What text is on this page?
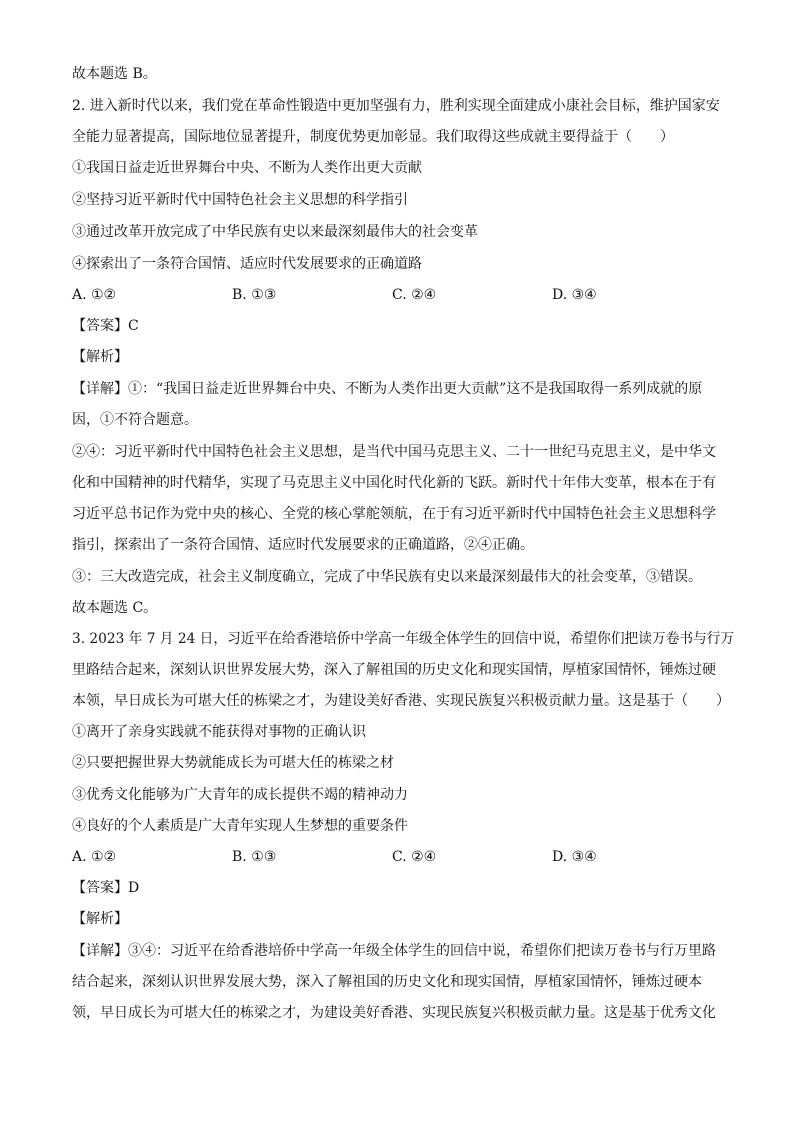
故本题选 B。
2. 进入新时代以来，我们党在革命性锻造中更加坚强有力，胜利实现全面建成小康社会目标，维护国家安
全能力显著提高，国际地位显著提升，制度优势更加彰显。我们取得这些成就主要得益于（　　）
①我国日益走近世界舞台中央、不断为人类作出更大贡献
②坚持习近平新时代中国特色社会主义思想的科学指引
③通过改革开放完成了中华民族有史以来最深刻最伟大的社会变革
④探索出了一条符合国情、适应时代发展要求的正确道路
A. ①②	B. ①③	C. ②④	D. ③④
【答案】C
【解析】
【详解】①：“我国日益走近世界舞台中央、不断为人类作出更大贡献”这不是我国取得一系列成就的原
因，①不符合题意。
②④：习近平新时代中国特色社会主义思想，是当代中国马克思主义、二十一世纪马克思主义，是中华文
化和中国精神的时代精华，实现了马克思主义中国化时代化新的飞跃。新时代十年伟大变革，根本在于有
习近平总书记作为党中央的核心、全党的核心掌舵领航，在于有习近平新时代中国特色社会主义思想科学
指引，探索出了一条符合国情、适应时代发展要求的正确道路，②④正确。
③：三大改造完成，社会主义制度确立，完成了中华民族有史以来最深刻最伟大的社会变革，③错误。
故本题选 C。
3. 2023 年 7 月 24 日，习近平在给香港培侨中学高一年级全体学生的回信中说，希望你们把读万卷书与行万
里路结合起来，深刻认识世界发展大势，深入了解祖国的历史文化和现实国情，厚植家国情怀，锤炼过硬
本领，早日成长为可堪大任的栋梁之才，为建设美好香港、实现民族复兴积极贡献力量。这是基于（　　）
①离开了亲身实践就不能获得对事物的正确认识
②只要把握世界大势就能成长为可堪大任的栋梁之材
③优秀文化能够为广大青年的成长提供不竭的精神动力
④良好的个人素质是广大青年实现人生梦想的重要条件
A. ①②	B. ①③	C. ②④	D. ③④
【答案】D
【解析】
【详解】③④：习近平在给香港培侨中学高一年级全体学生的回信中说，希望你们把读万卷书与行万里路
结合起来，深刻认识世界发展大势，深入了解祖国的历史文化和现实国情，厚植家国情怀，锤炼过硬本
领，早日成长为可堪大任的栋梁之才，为建设美好香港、实现民族复兴积极贡献力量。这是基于优秀文化
